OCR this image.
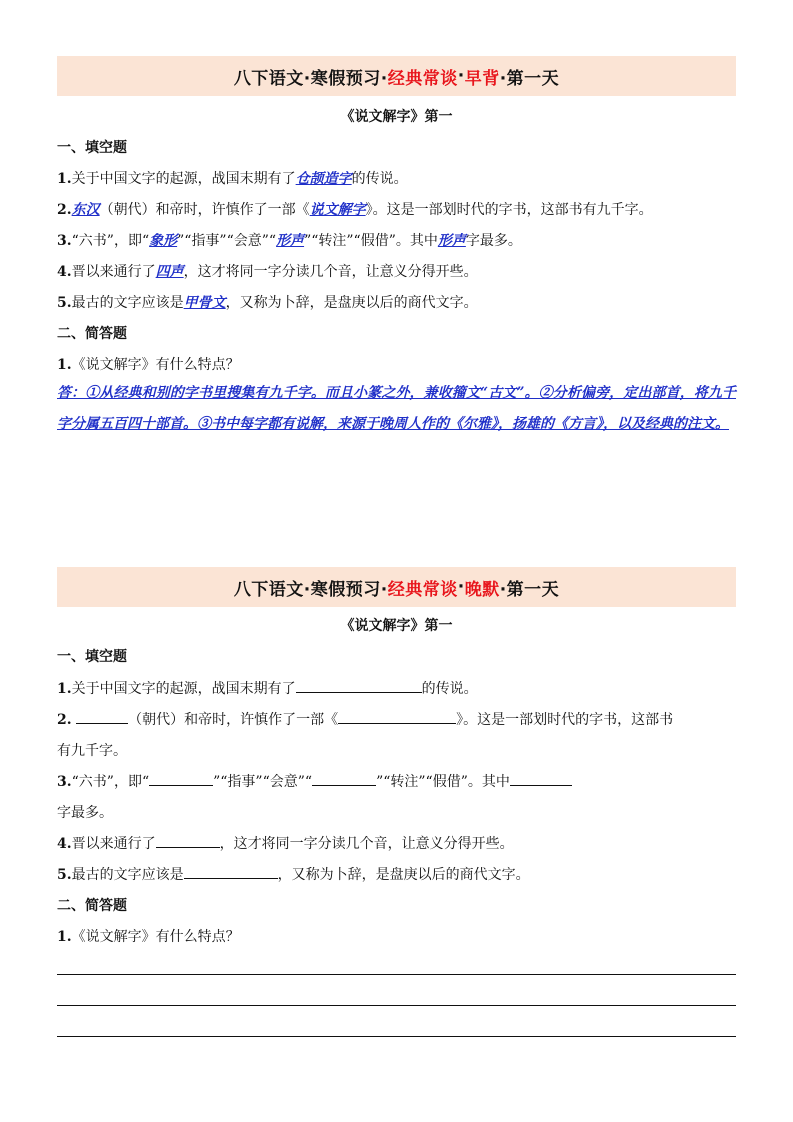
八下语文·寒假预习· 经典常谈 · 早背 ·第一天
《说文解字》第一
一、填空题
1.关于中国文字的起源，战国末期有了仓颉造字的传说。
2.东汉（朝代）和帝时，许慎作了一部《说文解字》。这是一部划时代的字书，这部书有九千字。
3.“六书”，即“象形”“指事”“会意”“形声”“转注”“假借”。其中形声字最多。
4.晋以来通行了四声，这才将同一字分读几个音，让意义分得开些。
5.最古的文字应该是甲骨文，又称为卜辞，是盘庚以后的商代文字。
二、简答题
1.《说文解字》有什么特点？
答：①从经典和别的字书里搜集有九千字。而且小篆之外，兼收籀文“古文”。②分析偏旁，定出部首，将九千字分属五百四十部首。③书中每字都有说解，来源于晚周人作的《尔雅》，扬雄的《方言》，以及经典的注文。
八下语文·寒假预习· 经典常谈 · 晚默 ·第一天
《说文解字》第一
一、填空题
1.关于中国文字的起源，战国末期有了	的传说。
2.	（朝代）和帝时，许慎作了一部《	》。这是一部划时代的字书，这部书
有九千字。
3.“六书”，即“	”“指事”“会意”“	”“转注”“假借”。其中
字最多。
4.晋以来通行了	，这才将同一字分读几个音，让意义分得开些。
5.最古的文字应该是	，又称为卜辞，是盘庚以后的商代文字。
二、简答题
1.《说文解字》有什么特点？
